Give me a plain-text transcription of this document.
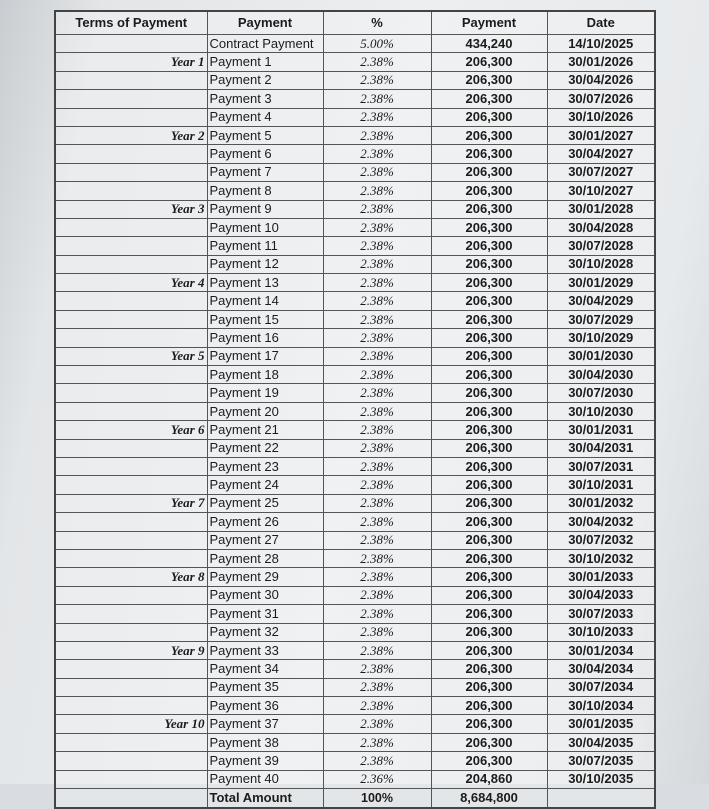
Terms of Payment	Payment	%	Payment	Date
	Contract Payment	5.00%	434,240	14/10/2025
Year 1	Payment 1	2.38%	206,300	30/01/2026
	Payment 2	2.38%	206,300	30/04/2026
	Payment 3	2.38%	206,300	30/07/2026
	Payment 4	2.38%	206,300	30/10/2026
Year 2	Payment 5	2.38%	206,300	30/01/2027
	Payment 6	2.38%	206,300	30/04/2027
	Payment 7	2.38%	206,300	30/07/2027
	Payment 8	2.38%	206,300	30/10/2027
Year 3	Payment 9	2.38%	206,300	30/01/2028
	Payment 10	2.38%	206,300	30/04/2028
	Payment 11	2.38%	206,300	30/07/2028
	Payment 12	2.38%	206,300	30/10/2028
Year 4	Payment 13	2.38%	206,300	30/01/2029
	Payment 14	2.38%	206,300	30/04/2029
	Payment 15	2.38%	206,300	30/07/2029
	Payment 16	2.38%	206,300	30/10/2029
Year 5	Payment 17	2.38%	206,300	30/01/2030
	Payment 18	2.38%	206,300	30/04/2030
	Payment 19	2.38%	206,300	30/07/2030
	Payment 20	2.38%	206,300	30/10/2030
Year 6	Payment 21	2.38%	206,300	30/01/2031
	Payment 22	2.38%	206,300	30/04/2031
	Payment 23	2.38%	206,300	30/07/2031
	Payment 24	2.38%	206,300	30/10/2031
Year 7	Payment 25	2.38%	206,300	30/01/2032
	Payment 26	2.38%	206,300	30/04/2032
	Payment 27	2.38%	206,300	30/07/2032
	Payment 28	2.38%	206,300	30/10/2032
Year 8	Payment 29	2.38%	206,300	30/01/2033
	Payment 30	2.38%	206,300	30/04/2033
	Payment 31	2.38%	206,300	30/07/2033
	Payment 32	2.38%	206,300	30/10/2033
Year 9	Payment 33	2.38%	206,300	30/01/2034
	Payment 34	2.38%	206,300	30/04/2034
	Payment 35	2.38%	206,300	30/07/2034
	Payment 36	2.38%	206,300	30/10/2034
Year 10	Payment 37	2.38%	206,300	30/01/2035
	Payment 38	2.38%	206,300	30/04/2035
	Payment 39	2.38%	206,300	30/07/2035
	Payment 40	2.36%	204,860	30/10/2035
	Total Amount	100%	8,684,800	
